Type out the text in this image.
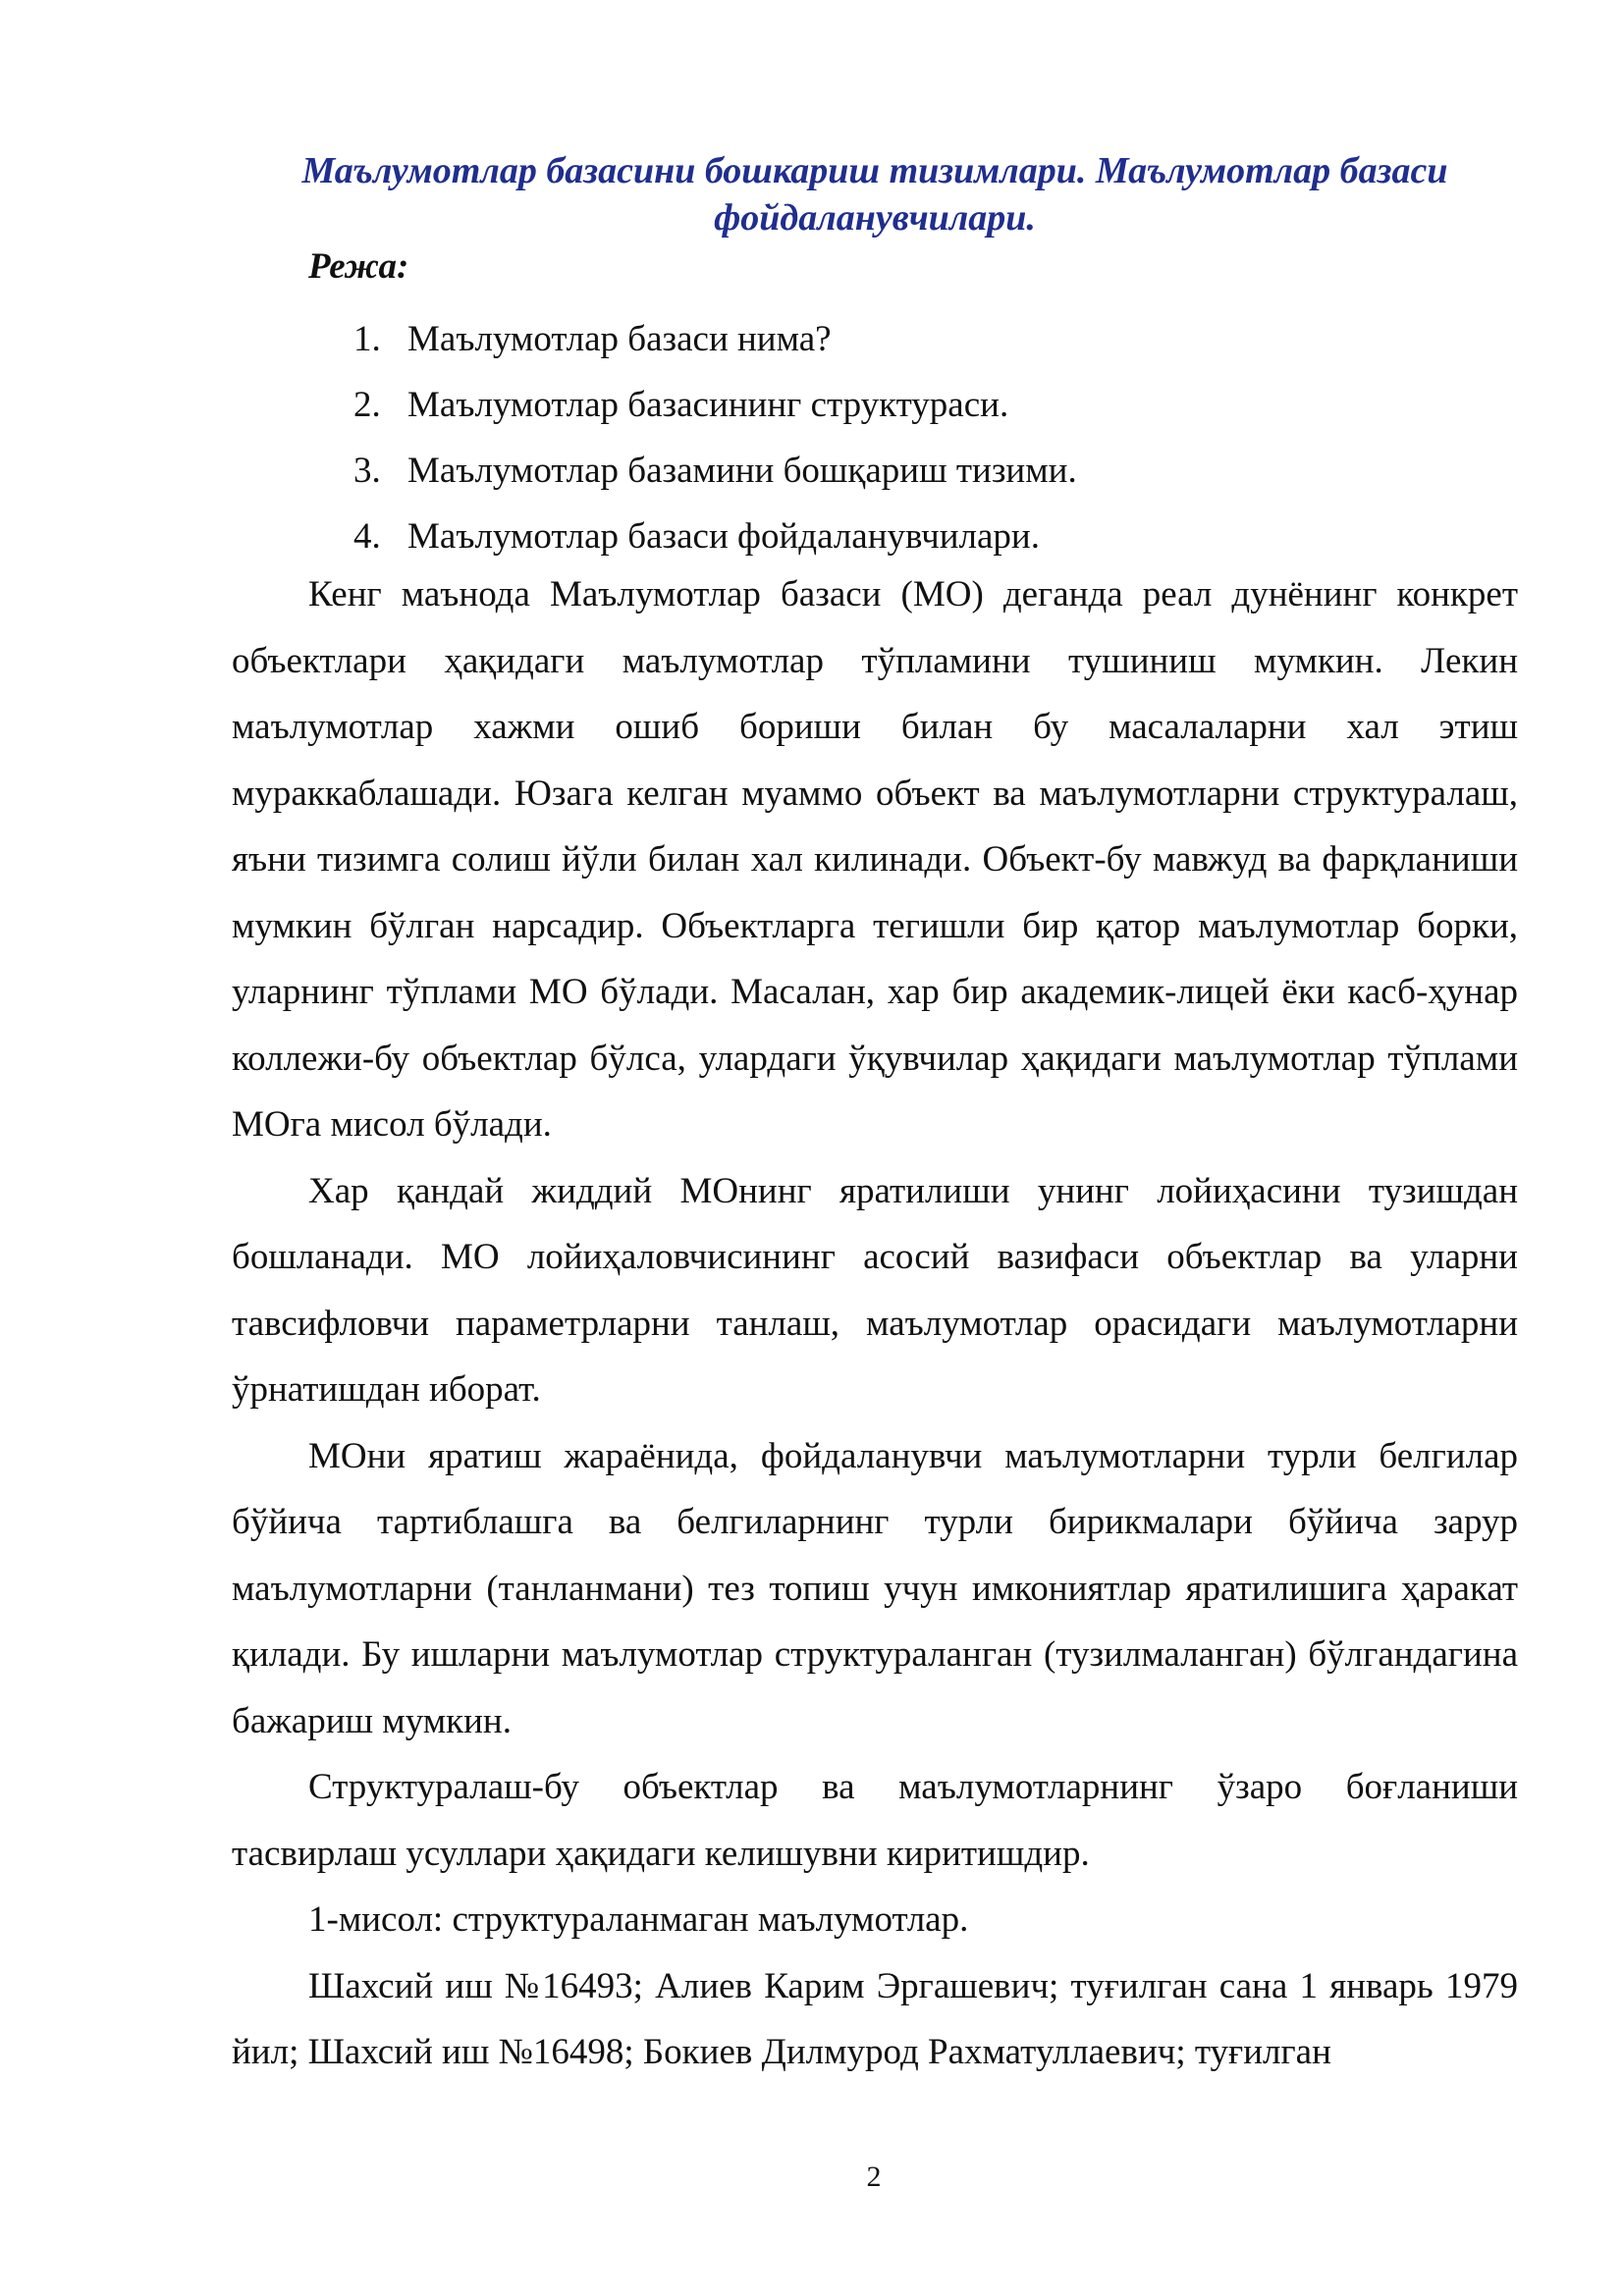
Маълумотлар базасини бошкариш тизимлари. Маълумотлар базаси фойдаланувчилари.
Режа:
1. Маълумотлар базаси нима?
2. Маълумотлар базасининг структураси.
3. Маълумотлар базамини бошқариш тизими.
4. Маълумотлар базаси фойдаланувчилари.

Кенг маънода Маълумотлар базаси (МО) деганда реал дунёнинг конкрет объектлари ҳақидаги маълумотлар тўпламини тушиниш мумкин. Лекин маълумотлар хажми ошиб бориши билан бу масалаларни хал этиш мураккаблашади. Юзага келган муаммо объект ва маълумотларни структуралаш, яъни тизимга солиш йўли билан хал килинади. Объект-бу мавжуд ва фарқланиши мумкин бўлган нарсадир. Объектларга тегишли бир қатор маълумотлар борки, уларнинг тўплами МО бўлади. Масалан, хар бир академик-лицей ёки касб-ҳунар коллежи-бу объектлар бўлса, улардаги ўқувчилар ҳақидаги маълумотлар тўплами МОга мисол бўлади.

Хар қандай жиддий МОнинг яратилиши унинг лойиҳасини тузишдан бошланади. МО лойиҳаловчисининг асосий вазифаси объектлар ва уларни тавсифловчи параметрларни танлаш, маълумотлар орасидаги маълумотларни ўрнатишдан иборат.

МОни яратиш жараёнида, фойдаланувчи маълумотларни турли белгилар бўйича тартиблашга ва белгиларнинг турли бирикмалари бўйича зарур маълумотларни (танланмани) тез топиш учун имкониятлар яратилишига ҳаракат қилади. Бу ишларни маълумотлар структураланган (тузилмаланган) бўлгандагина бажариш мумкин.

Структуралаш-бу объектлар ва маълумотларнинг ўзаро боғланиши тасвирлаш усуллари ҳақидаги келишувни киритишдир.

1-мисол: структураланмаган маълумотлар.

Шахсий иш №16493; Алиев Карим Эргашевич; туғилган сана 1 январь 1979 йил; Шахсий иш №16498; Бокиев Дилмурод Рахматуллаевич; туғилган

2
